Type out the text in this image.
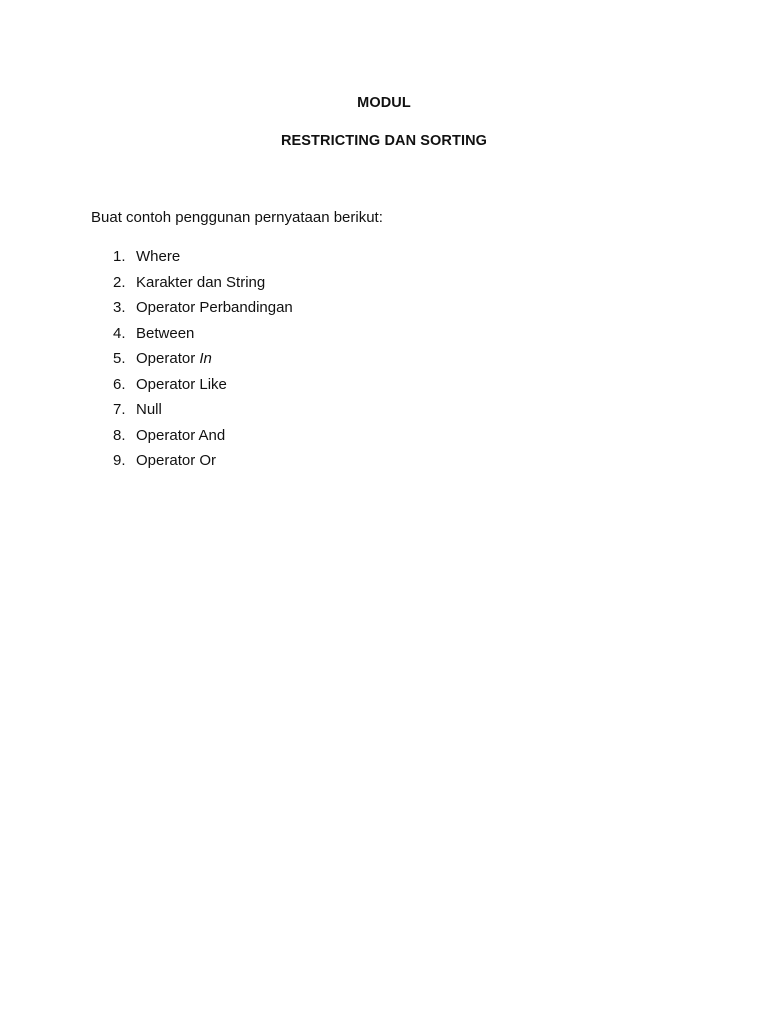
MODUL
RESTRICTING DAN SORTING
Buat contoh penggunan pernyataan berikut:
1. Where
2. Karakter dan String
3. Operator Perbandingan
4. Between
5. Operator In
6. Operator Like
7. Null
8. Operator And
9. Operator Or
